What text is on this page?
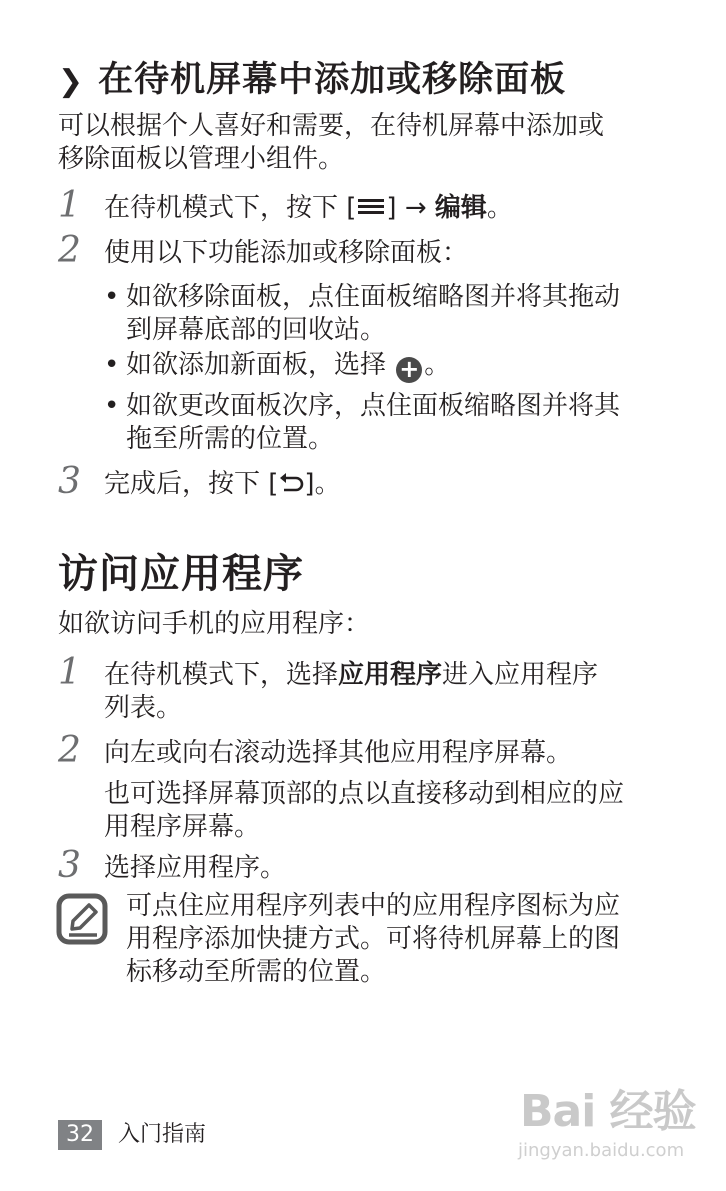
❯ 在待机屏幕中添加或移除面板
可以根据个人喜好和需要，在待机屏幕中添加或
移除面板以管理小组件。
1 在待机模式下，按下 [ ] → 编辑。
2 使用以下功能添加或移除面板：
• 如欲移除面板，点住面板缩略图并将其拖动
到屏幕底部的回收站。
• 如欲添加新面板，选择 + 。
• 如欲更改面板次序，点住面板缩略图并将其
拖至所需的位置。
3 完成后，按下 [ ]。
访问应用程序
如欲访问手机的应用程序：
1 在待机模式下，选择应用程序进入应用程序
列表。
2 向左或向右滚动选择其他应用程序屏幕。
也可选择屏幕顶部的点以直接移动到相应的应
用程序屏幕。
3 选择应用程序。
可点住应用程序列表中的应用程序图标为应
用程序添加快捷方式。可将待机屏幕上的图
标移动至所需的位置。
32	入门指南	Bai 经验
jingyan.baidu.com
